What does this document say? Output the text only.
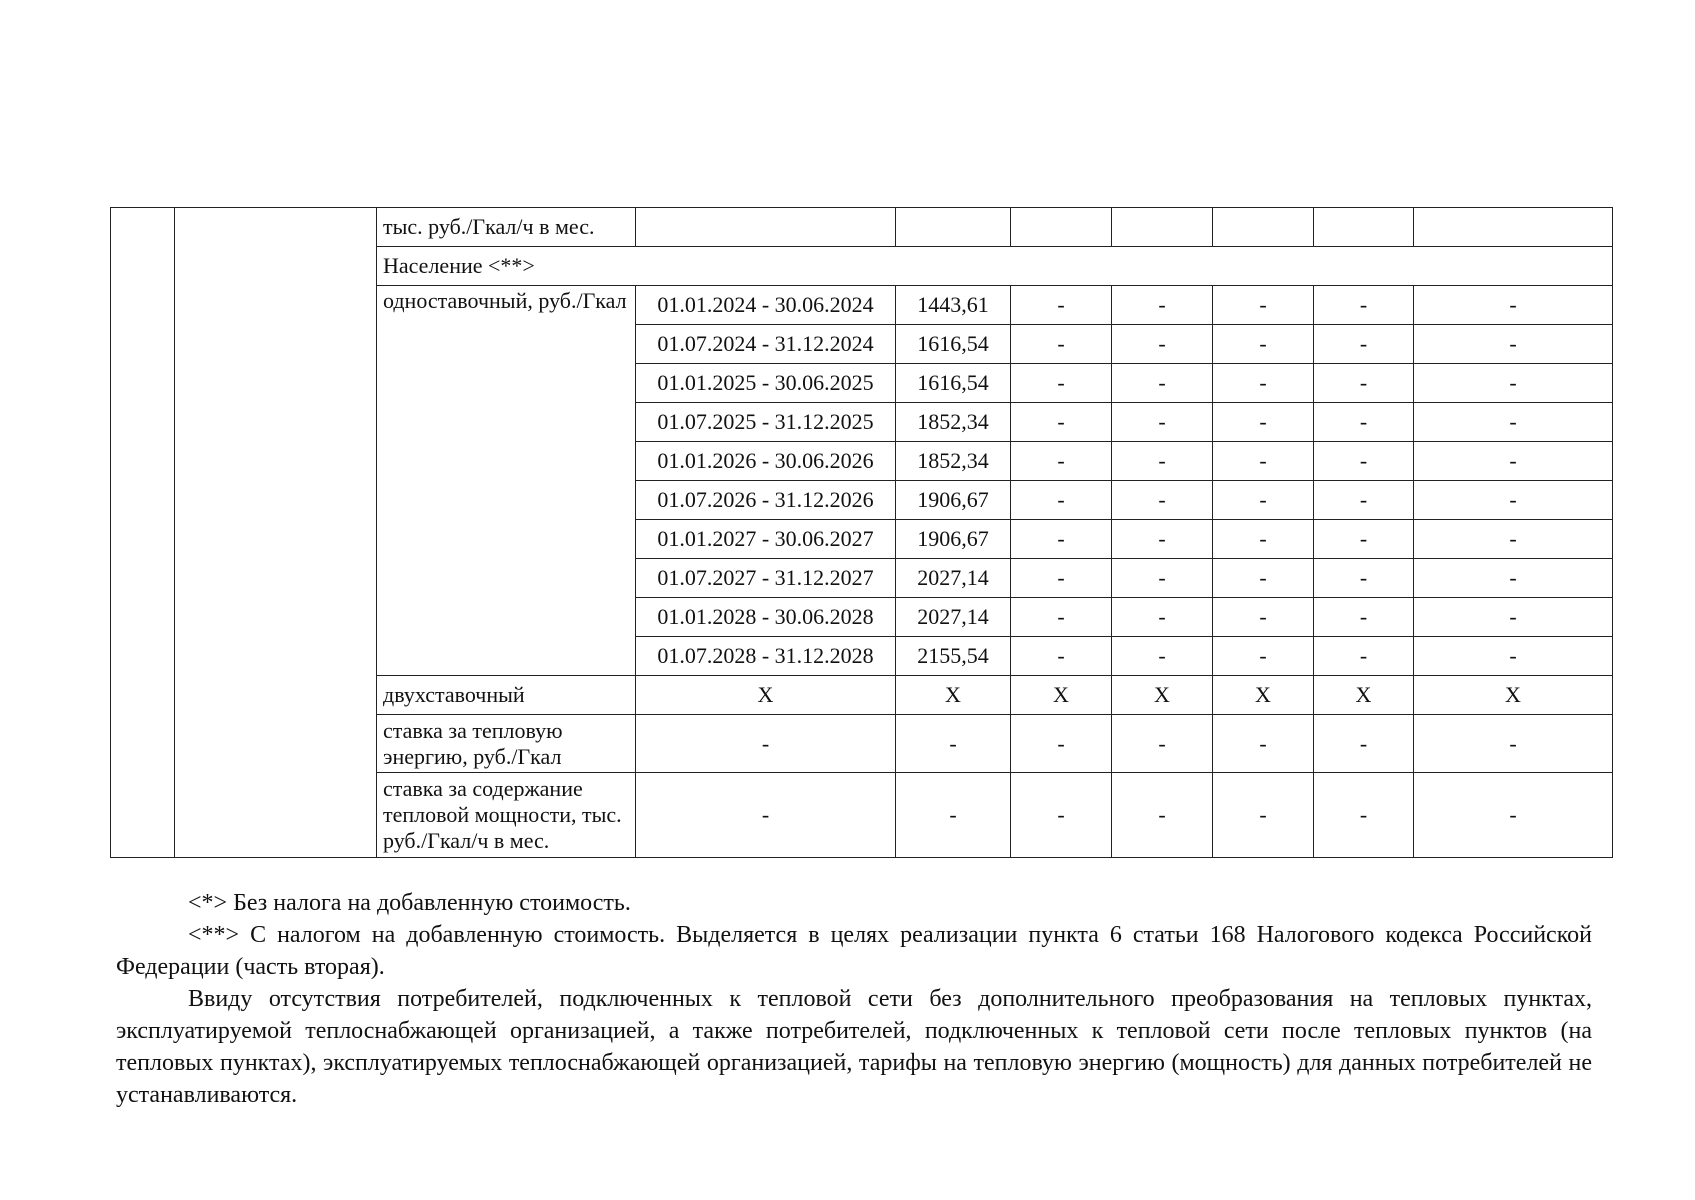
		тыс. руб./Гкал/ч в мес.							
		Население <**>							
		одноставочный, руб./Гкал	01.01.2024 - 30.06.2024	1443,61	-	-	-	-	-
			01.07.2024 - 31.12.2024	1616,54	-	-	-	-	-
			01.01.2025 - 30.06.2025	1616,54	-	-	-	-	-
			01.07.2025 - 31.12.2025	1852,34	-	-	-	-	-
			01.01.2026 - 30.06.2026	1852,34	-	-	-	-	-
			01.07.2026 - 31.12.2026	1906,67	-	-	-	-	-
			01.01.2027 - 30.06.2027	1906,67	-	-	-	-	-
			01.07.2027 - 31.12.2027	2027,14	-	-	-	-	-
			01.01.2028 - 30.06.2028	2027,14	-	-	-	-	-
			01.07.2028 - 31.12.2028	2155,54	-	-	-	-	-
		двухставочный	X	X	X	X	X	X	X
		ставка за тепловую энергию, руб./Гкал	-	-	-	-	-	-	-
		ставка за содержание тепловой мощности, тыс. руб./Гкал/ч в мес.	-	-	-	-	-	-	-

<*> Без налога на добавленную стоимость.

<**> С налогом на добавленную стоимость. Выделяется в целях реализации пункта 6 статьи 168 Налогового кодекса Российской Федерации (часть вторая).

Ввиду отсутствия потребителей, подключенных к тепловой сети без дополнительного преобразования на тепловых пунктах, эксплуатируемой теплоснабжающей организацией, а также потребителей, подключенных к тепловой сети после тепловых пунктов (на тепловых пунктах), эксплуатируемых теплоснабжающей организацией, тарифы на тепловую энергию (мощность) для данных потребителей не устанавливаются.
